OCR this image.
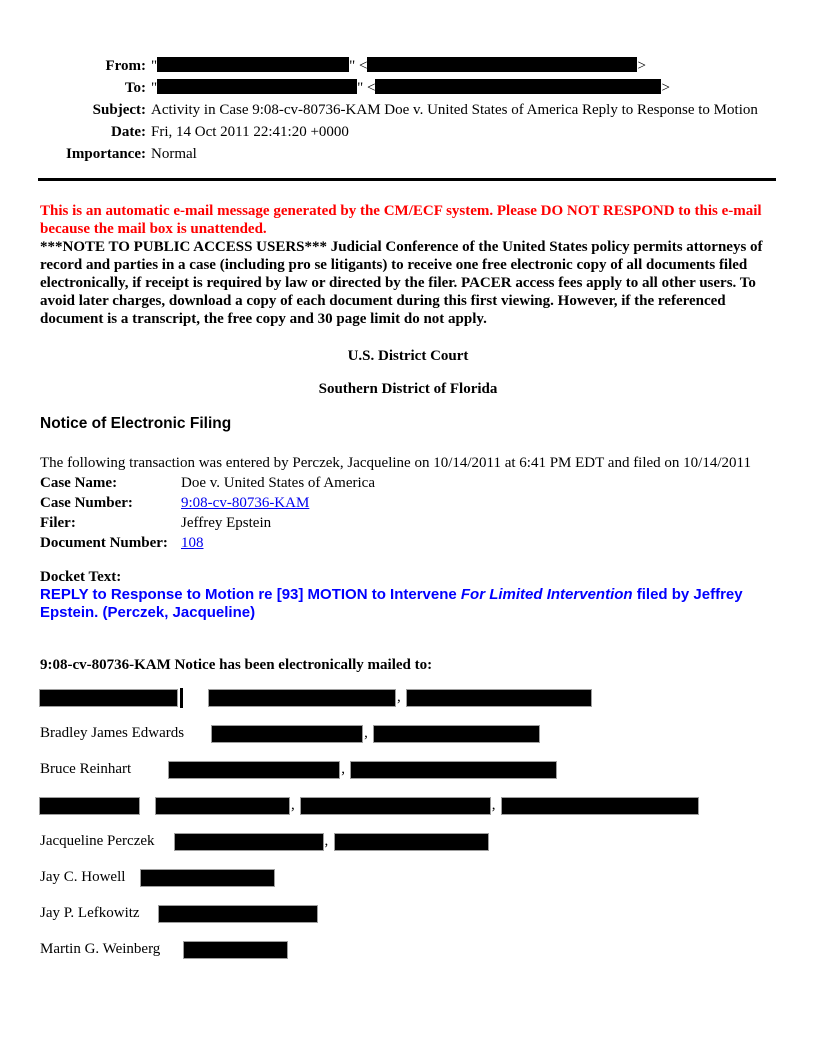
From: "	" <	>
To: "	" <	>
Subject: Activity in Case 9:08-cv-80736-KAM Doe v. United States of America Reply to Response to Motion
Date: Fri, 14 Oct 2011 22:41:20 +0000
Importance: Normal

This is an automatic e-mail message generated by the CM/ECF system. Please DO NOT RESPOND to this e-mail because the mail box is unattended.

***NOTE TO PUBLIC ACCESS USERS*** Judicial Conference of the United States policy permits attorneys of record and parties in a case (including pro se litigants) to receive one free electronic copy of all documents filed electronically, if receipt is required by law or directed by the filer. PACER access fees apply to all other users. To avoid later charges, download a copy of each document during this first viewing. However, if the referenced document is a transcript, the free copy and 30 page limit do not apply.

U.S. District Court
Southern District of Florida
Notice of Electronic Filing

The following transaction was entered by Perczek, Jacqueline on 10/14/2011 at 6:41 PM EDT and filed on 10/14/2011

Case Name:	Doe v. United States of America
Case Number:	9:08-cv-80736-KAM
Filer:	Jeffrey Epstein
Document Number: 108

Docket Text:

REPLY to Response to Motion re [93] MOTION to Intervene For Limited Intervention filed by Jeffrey Epstein. (Perczek, Jacqueline)

9:08-cv-80736-KAM Notice has been electronically mailed to:

,
Bradley James Edwards	,
Bruce Reinhart	,
,	,
Jacqueline Perczek	,
Jay C. Howell
Jay P. Lefkowitz
Martin G. Weinberg
